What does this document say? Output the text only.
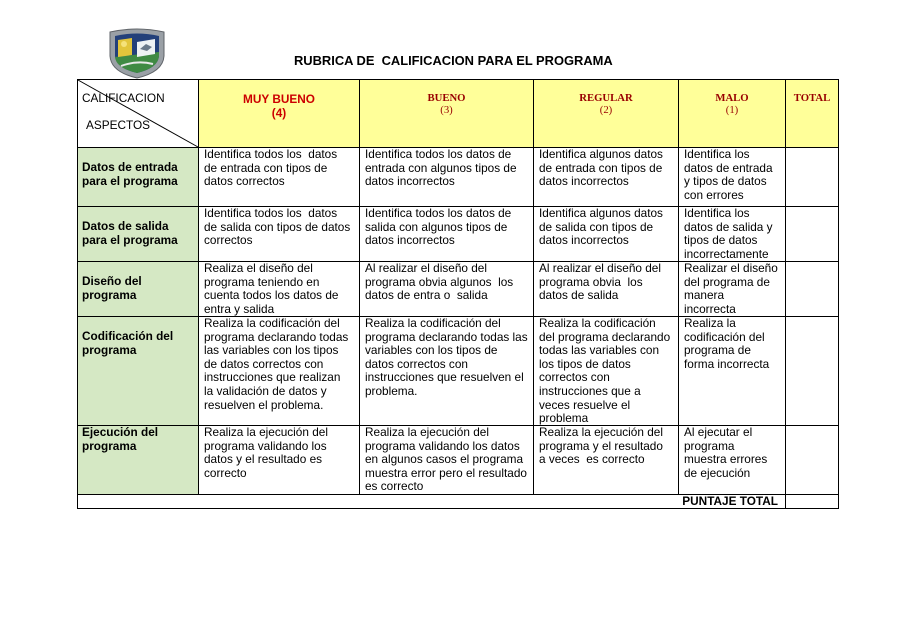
RUBRICA DE  CALIFICACION PARA EL PROGRAMA

CALIFICACION

ASPECTOS

MUY BUENO
(4)
BUENO
(3)
REGULAR
(2)
MALO
(1)
TOTAL
Datos de entrada
para el programa
Identifica todos los  datos
de entrada con tipos de
datos correctos
Identifica todos los datos de
entrada con algunos tipos de
datos incorrectos
Identifica algunos datos
de entrada con tipos de
datos incorrectos
Identifica los
datos de entrada
y tipos de datos
con errores
Datos de salida
para el programa
Identifica todos los  datos
de salida con tipos de datos
correctos
Identifica todos los datos de
salida con algunos tipos de
datos incorrectos
Identifica algunos datos
de salida con tipos de
datos incorrectos
Identifica los
datos de salida y
tipos de datos
incorrectamente
Diseño del
programa
Realiza el diseño del
programa teniendo en
cuenta todos los datos de
entra y salida
Al realizar el diseño del
programa obvia algunos  los
datos de entra o  salida
Al realizar el diseño del
programa obvia  los
datos de salida
Realizar el diseño
del programa de
manera
incorrecta
Codificación del
programa
Realiza la codificación del
programa declarando todas
las variables con los tipos
de datos correctos con
instrucciones que realizan
la validación de datos y
resuelven el problema.
Realiza la codificación del
programa declarando todas las
variables con los tipos de
datos correctos con
instrucciones que resuelven el
problema.
Realiza la codificación
del programa declarando
todas las variables con
los tipos de datos
correctos con
instrucciones que a
veces resuelve el
problema
Realiza la
codificación del
programa de
forma incorrecta
Ejecución del
programa
Realiza la ejecución del
programa validando los
datos y el resultado es
correcto
Realiza la ejecución del
programa validando los datos
en algunos casos el programa
muestra error pero el resultado
es correcto
Realiza la ejecución del
programa y el resultado
a veces  es correcto
Al ejecutar el
programa
muestra errores
de ejecución
PUNTAJE TOTAL
